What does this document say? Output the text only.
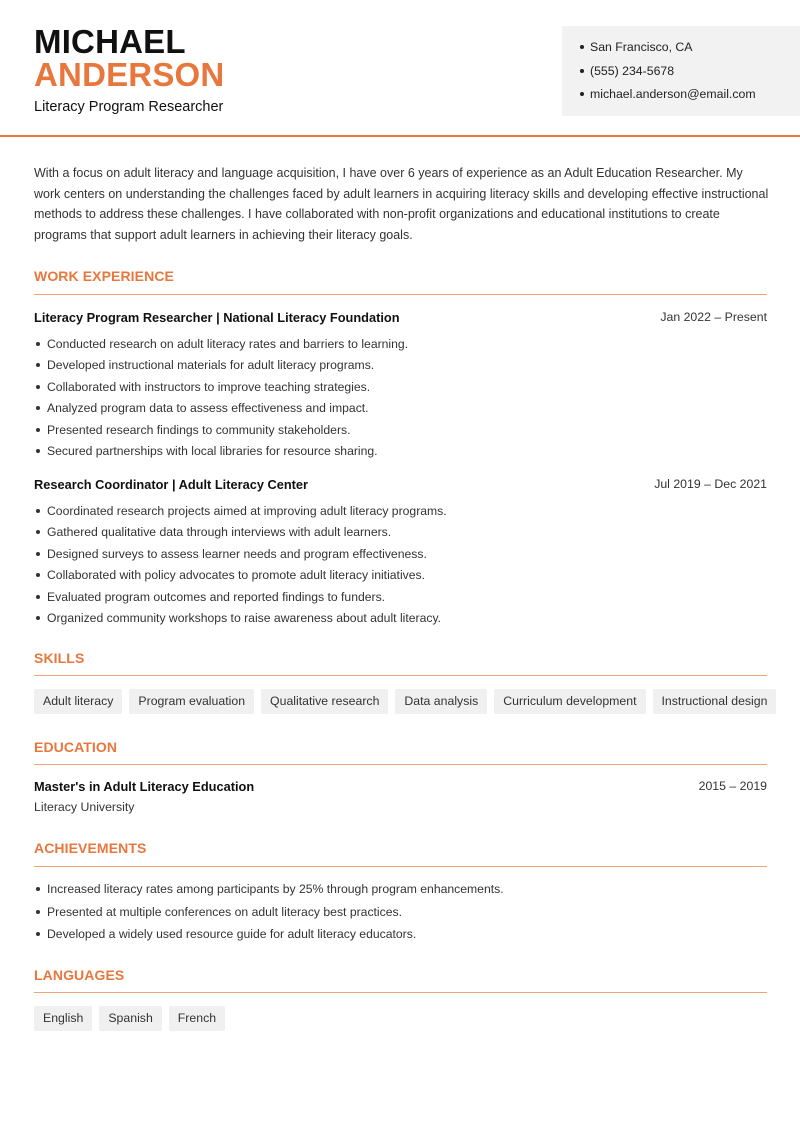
MICHAEL
ANDERSON
Literacy Program Researcher
San Francisco, CA
(555) 234-5678
michael.anderson@email.com
With a focus on adult literacy and language acquisition, I have over 6 years of experience as an Adult Education Researcher. My work centers on understanding the challenges faced by adult learners in acquiring literacy skills and developing effective instructional methods to address these challenges. I have collaborated with non-profit organizations and educational institutions to create programs that support adult learners in achieving their literacy goals.
WORK EXPERIENCE
Literacy Program Researcher | National Literacy Foundation	Jan 2022 – Present
Conducted research on adult literacy rates and barriers to learning.
Developed instructional materials for adult literacy programs.
Collaborated with instructors to improve teaching strategies.
Analyzed program data to assess effectiveness and impact.
Presented research findings to community stakeholders.
Secured partnerships with local libraries for resource sharing.
Research Coordinator | Adult Literacy Center	Jul 2019 – Dec 2021
Coordinated research projects aimed at improving adult literacy programs.
Gathered qualitative data through interviews with adult learners.
Designed surveys to assess learner needs and program effectiveness.
Collaborated with policy advocates to promote adult literacy initiatives.
Evaluated program outcomes and reported findings to funders.
Organized community workshops to raise awareness about adult literacy.
SKILLS
Adult literacy	Program evaluation	Qualitative research	Data analysis	Curriculum development	Instructional design
EDUCATION
Master's in Adult Literacy Education	2015 – 2019
Literacy University
ACHIEVEMENTS
Increased literacy rates among participants by 25% through program enhancements.
Presented at multiple conferences on adult literacy best practices.
Developed a widely used resource guide for adult literacy educators.
LANGUAGES
English	Spanish	French
